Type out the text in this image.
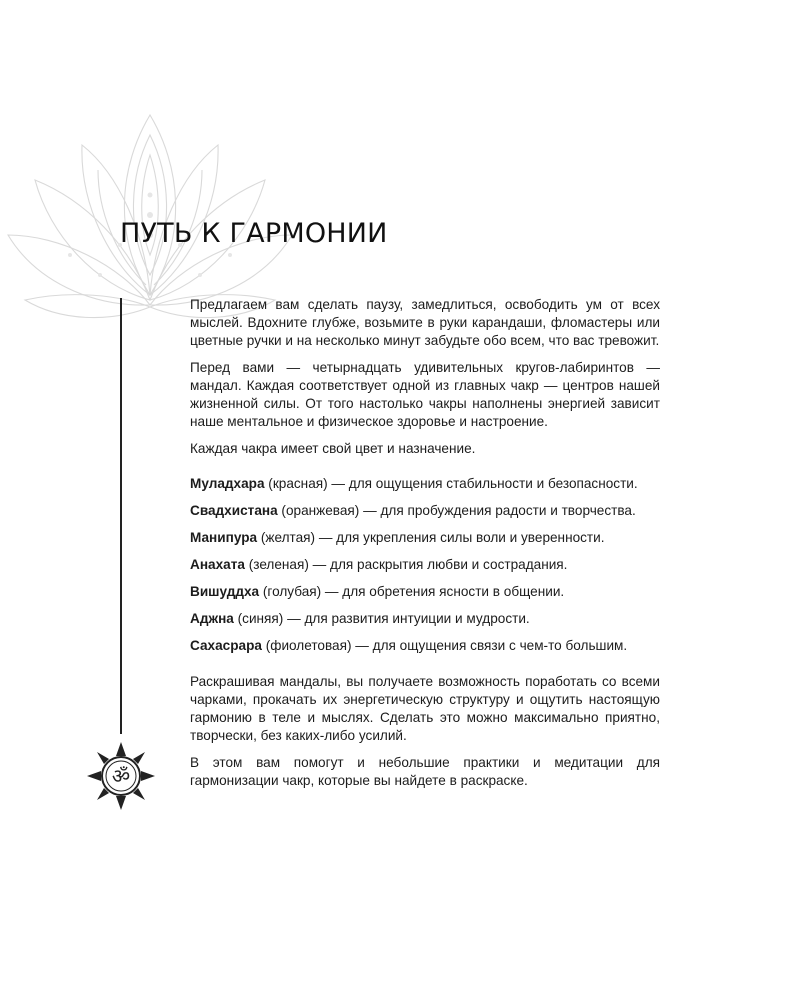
ॐ
ПУТЬ К ГАРМОНИИ

Предлагаем вам сделать паузу, замедлиться, освободить ум от всех мыслей. Вдохните глубже, возьмите в руки карандаши, фломастеры или цветные ручки и на несколько минут забудьте обо всем, что вас тревожит.

Перед вами — четырнадцать удивительных кругов-лабиринтов — мандал. Каждая соответствует одной из главных чакр — центров нашей жизненной силы. От того настолько чакры наполнены энергией зависит наше ментальное и физическое здоровье и настроение.

Каждая чакра имеет свой цвет и назначение.

Муладхара (красная) — для ощущения стабильности и безопасности.

Свадхистана (оранжевая) — для пробуждения радости и творчества.

Манипура (желтая) — для укрепления силы воли и уверенности.

Анахата (зеленая) — для раскрытия любви и сострадания.

Вишуддха (голубая) — для обретения ясности в общении.

Аджна (синяя) — для развития интуиции и мудрости.

Сахасрара (фиолетовая) — для ощущения связи с чем-то большим.

Раскрашивая мандалы, вы получаете возможность поработать со всеми чарками, прокачать их энергетическую структуру и ощутить настоящую гармонию в теле и мыслях. Сделать это можно максимально приятно, творчески, без каких-либо усилий.

В этом вам помогут и небольшие практики и медитации для гармонизации чакр, которые вы найдете в раскраске.
